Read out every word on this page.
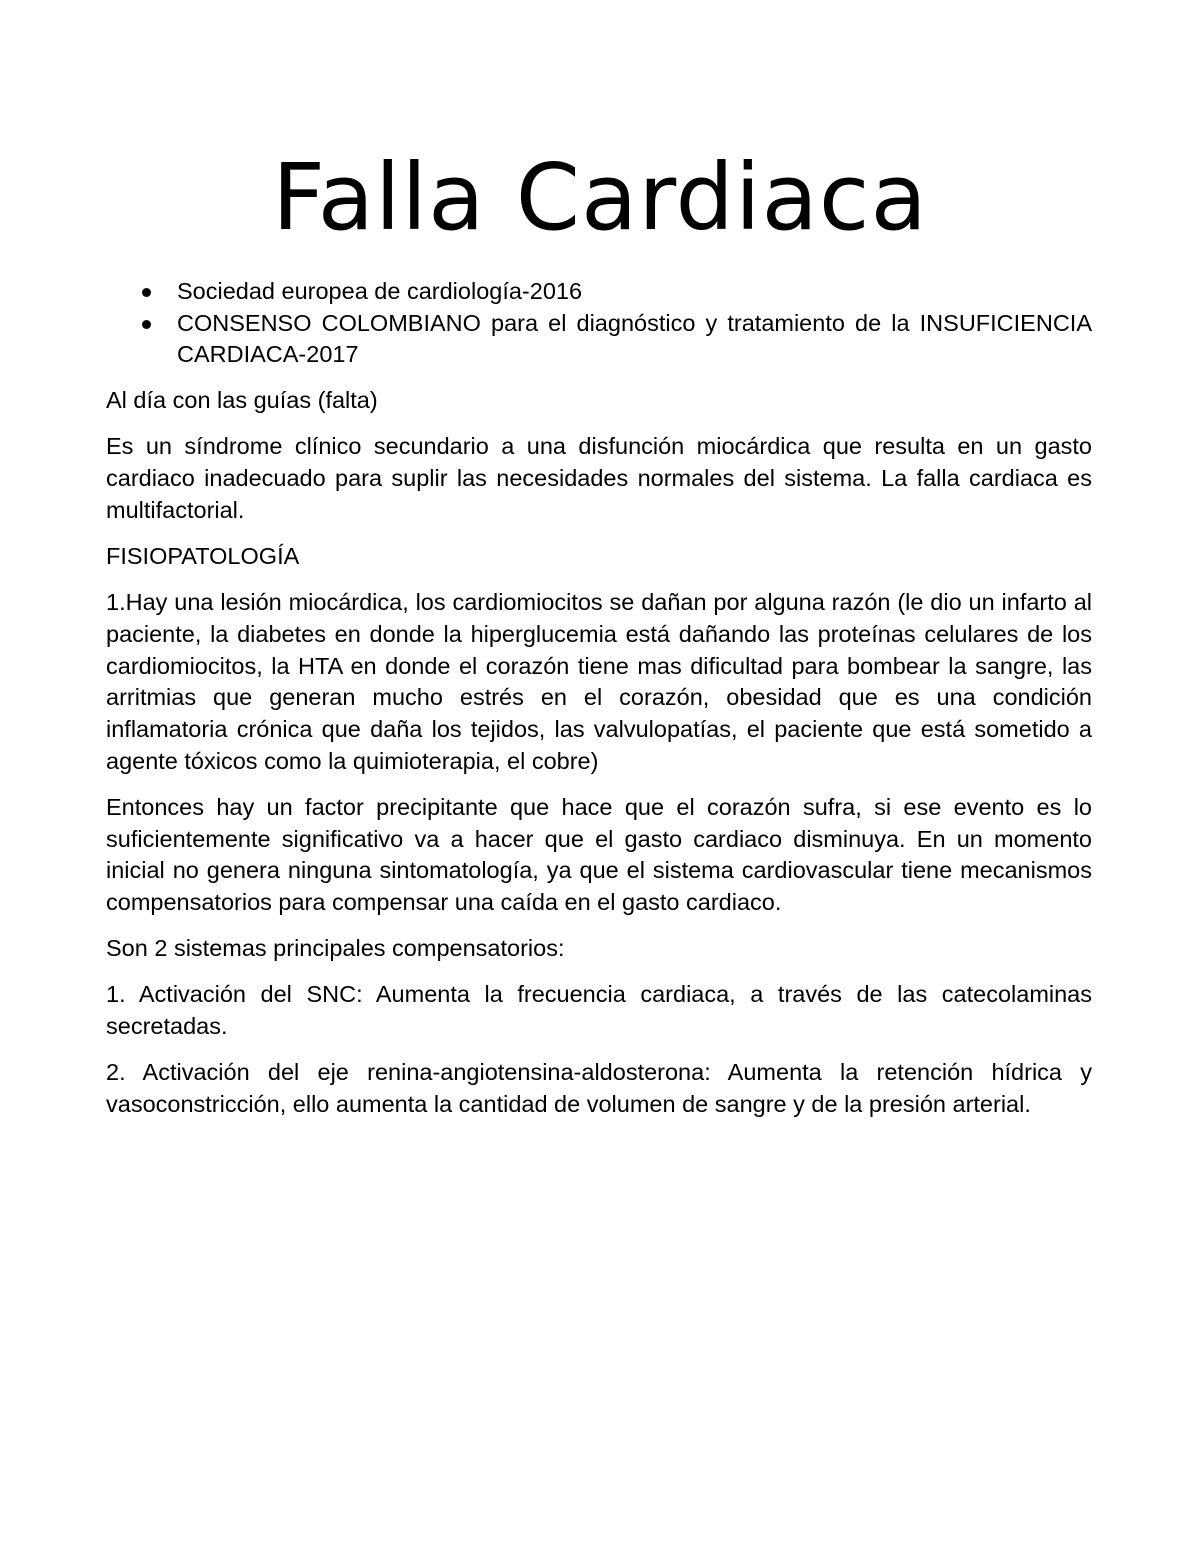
Falla Cardiaca
Sociedad europea de cardiología-2016
CONSENSO COLOMBIANO para el diagnóstico y tratamiento de la INSUFICIENCIA CARDIACA-2017

Al día con las guías (falta)

Es un síndrome clínico secundario a una disfunción miocárdica que resulta en un gasto cardiaco inadecuado para suplir las necesidades normales del sistema. La falla cardiaca es multifactorial.

FISIOPATOLOGÍA

1.Hay una lesión miocárdica, los cardiomiocitos se dañan por alguna razón (le dio un infarto al paciente, la diabetes en donde la hiperglucemia está dañando las proteínas celulares de los cardiomiocitos, la HTA en donde el corazón tiene mas dificultad para bombear la sangre, las arritmias que generan mucho estrés en el corazón, obesidad que es una condición inflamatoria crónica que daña los tejidos, las valvulopatías, el paciente que está sometido a agente tóxicos como la quimioterapia, el cobre)

Entonces hay un factor precipitante que hace que el corazón sufra, si ese evento es lo suficientemente significativo va a hacer que el gasto cardiaco disminuya. En un momento inicial no genera ninguna sintomatología, ya que el sistema cardiovascular tiene mecanismos compensatorios para compensar una caída en el gasto cardiaco.

Son 2 sistemas principales compensatorios:

1. Activación del SNC: Aumenta la frecuencia cardiaca, a través de las catecolaminas secretadas.

2. Activación del eje renina-angiotensina-aldosterona: Aumenta la retención hídrica y vasoconstricción, ello aumenta la cantidad de volumen de sangre y de la presión arterial.
